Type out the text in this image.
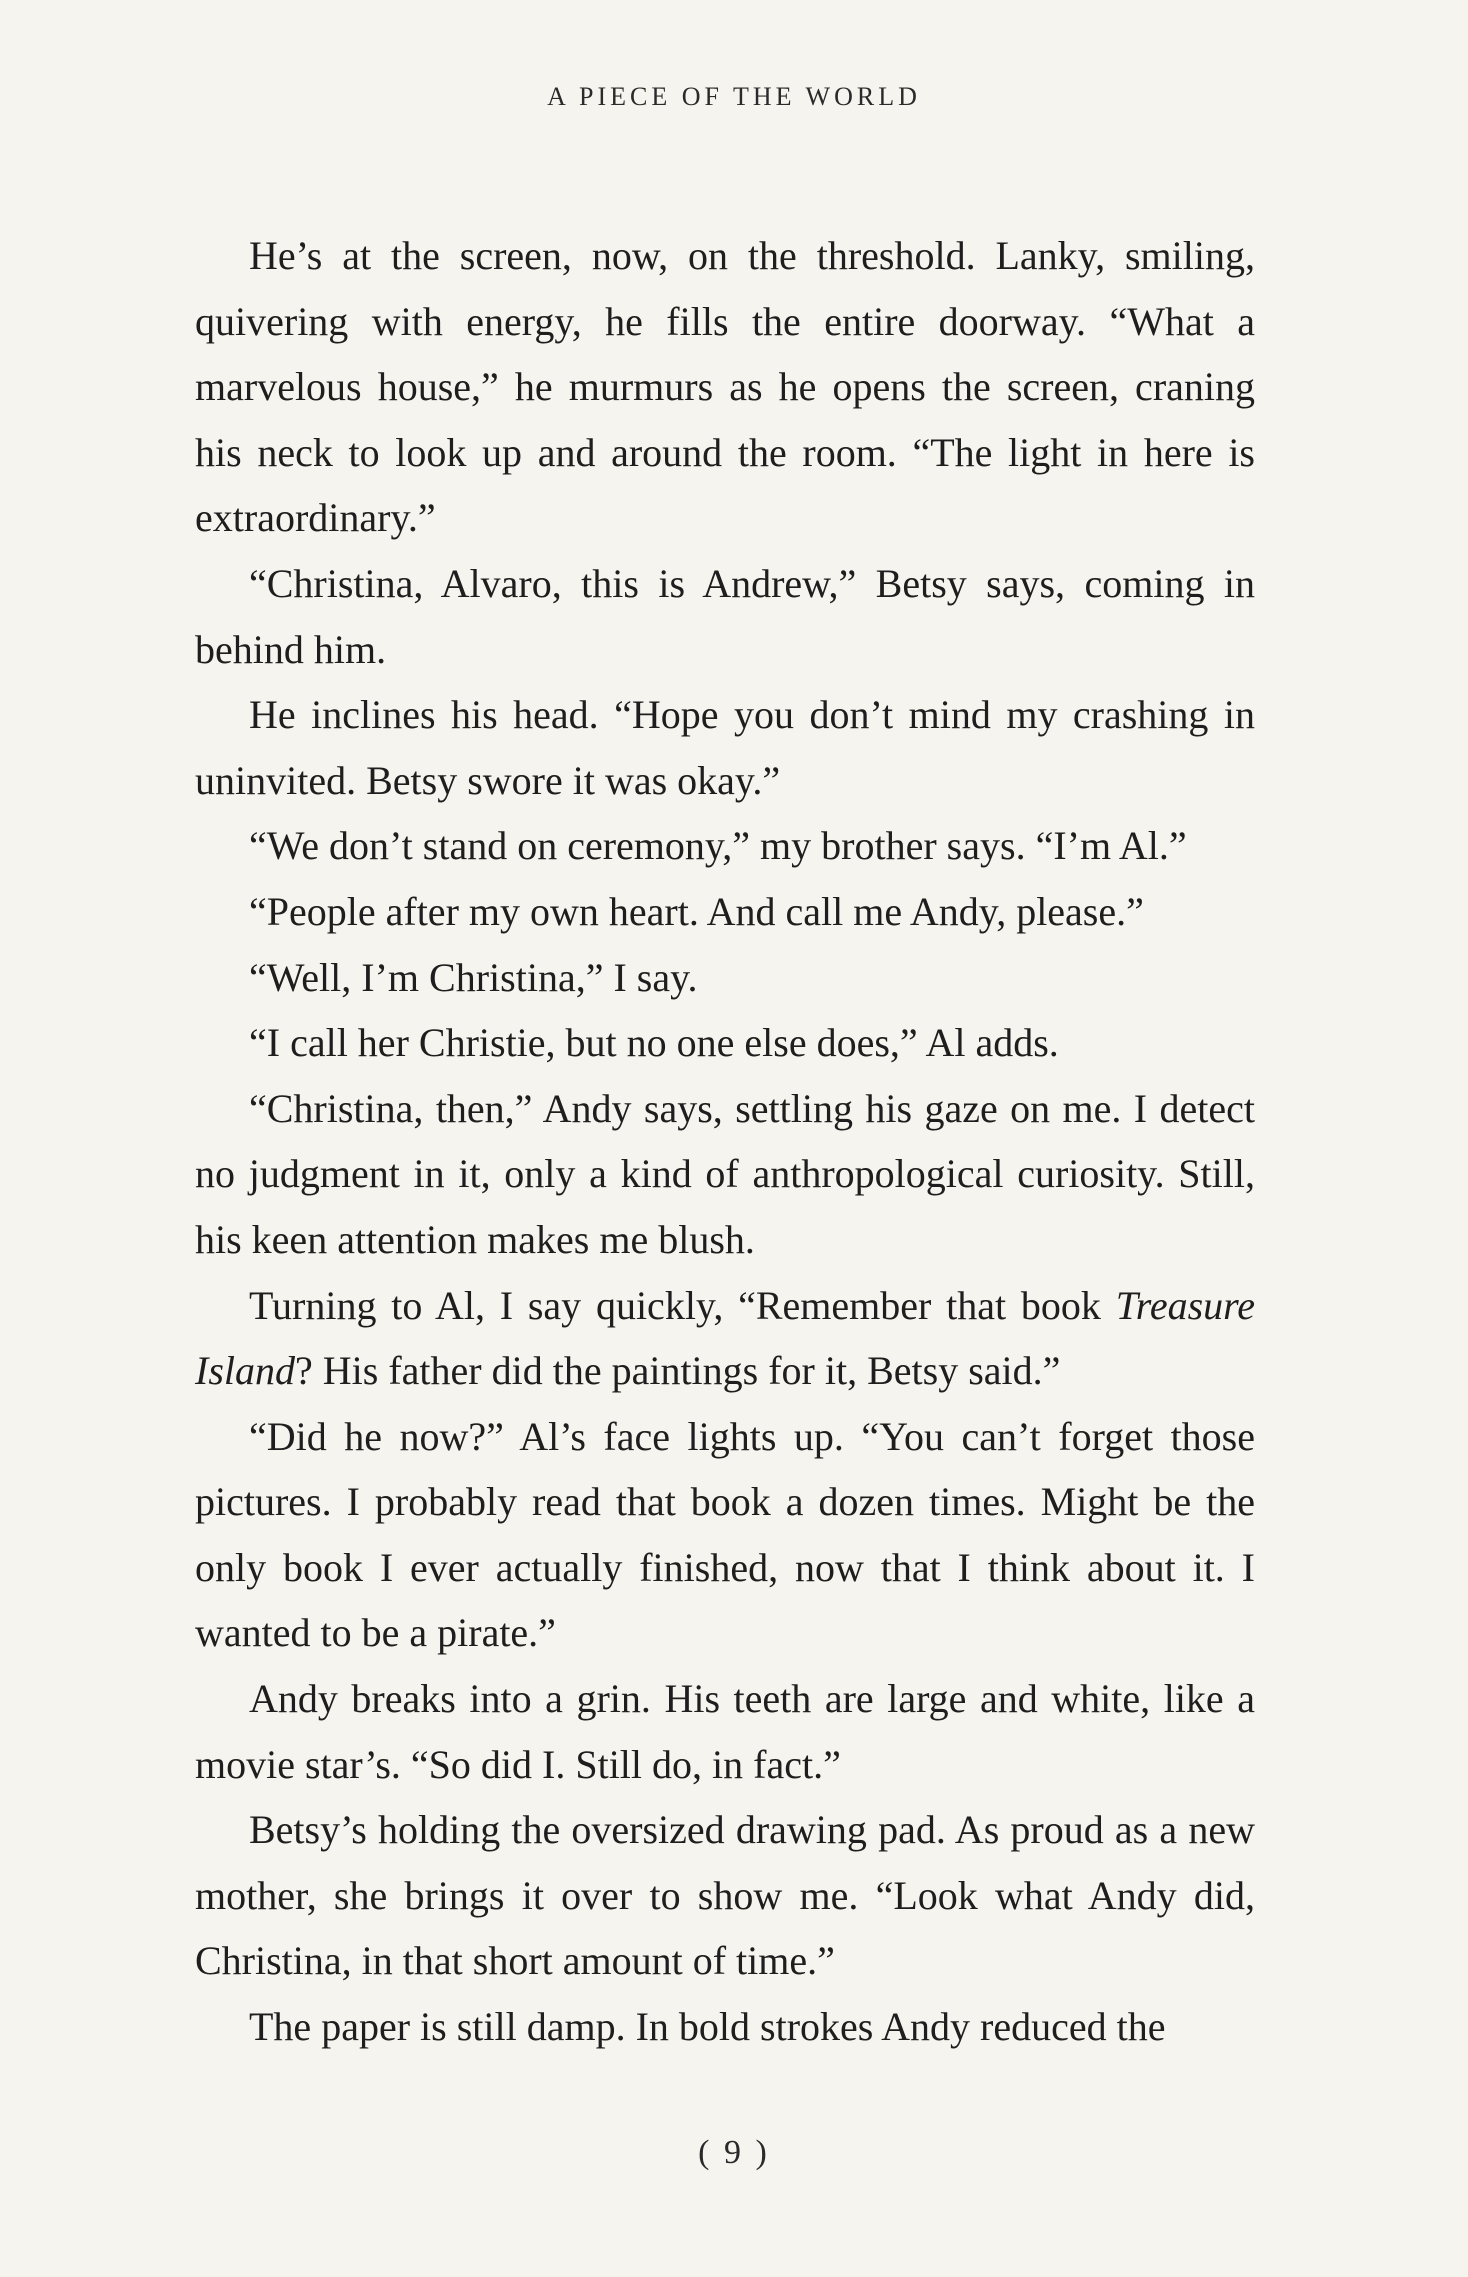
A PIECE OF THE WORLD

He’s at the screen, now, on the threshold. Lanky, smiling, quivering with energy, he fills the entire doorway. “What a marvelous house,” he murmurs as he opens the screen, craning his neck to look up and around the room. “The light in here is extraordinary.”

“Christina, Alvaro, this is Andrew,” Betsy says, coming in behind him.

He inclines his head. “Hope you don’t mind my crashing in uninvited. Betsy swore it was okay.”

“We don’t stand on ceremony,” my brother says. “I’m Al.”

“People after my own heart. And call me Andy, please.”

“Well, I’m Christina,” I say.

“I call her Christie, but no one else does,” Al adds.

“Christina, then,” Andy says, settling his gaze on me. I detect no judgment in it, only a kind of anthropological curiosity. Still, his keen attention makes me blush.

Turning to Al, I say quickly, “Remember that book Treasure Island? His father did the paintings for it, Betsy said.”

“Did he now?” Al’s face lights up. “You can’t forget those pictures. I probably read that book a dozen times. Might be the only book I ever actually finished, now that I think about it. I wanted to be a pirate.”

Andy breaks into a grin. His teeth are large and white, like a movie star’s. “So did I. Still do, in fact.”

Betsy’s holding the oversized drawing pad. As proud as a new mother, she brings it over to show me. “Look what Andy did, Christina, in that short amount of time.”

The paper is still damp. In bold strokes Andy reduced the

( 9 )
